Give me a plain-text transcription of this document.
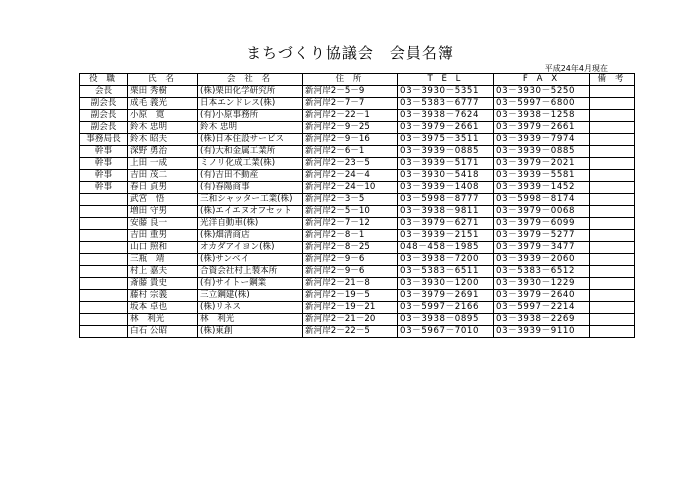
まちづくり協議会　会員名簿
平成24年4月現在
役 職	氏 名	会 社 名	住 所	T E L	F A X	備 考
会長	栗田 秀樹	(株)栗田化学研究所	新河岸2－5－9	03－3930－5351	03－3930－5250	
副会長	成毛 義光	日本エンドレス(株)	新河岸2－7－7	03－5383－6777	03－5997－6800	
副会長	小原　寛	(有)小原事務所	新河岸2－22－1	03－3938－7624	03－3938－1258	
副会長	鈴木 忠明	鈴木 忠明	新河岸2－9－25	03－3979－2661	03－3979－2661	
事務局長	鈴木 昭夫	(株)日本住設サービス	新河岸2－9－16	03－3975－3511	03－3939－7974	
幹事	深野 勇治	(有)大和金属工業所	新河岸2－6－1	03－3939－0885	03－3939－0885	
幹事	上田 一成	ミノリ化成工業(株)	新河岸2－23－5	03－3939－5171	03－3979－2021	
幹事	吉田 茂二	(有)吉田不動産	新河岸2－24－4	03－3930－5418	03－3939－5581	
幹事	春日 貞男	(有)春陽商事	新河岸2－24－10	03－3939－1408	03－3939－1452	
	武宮　悟	三和シャッター工業(株)	新河岸2－3－5	03－5998－8777	03－5998－8174	
	増田 守男	(株)エイエヌオフセット	新河岸2－5－10	03－3938－9811	03－3979－0068	
	安藤 良一	光洋自動車(株)	新河岸2－7－12	03－3979－6271	03－3979－6099	
	吉田 重男	(株)畑清商店	新河岸2－8－1	03－3939－2151	03－3979－5277	
	山口 照和	オカダアイヨン(株)	新河岸2－8－25	048－458－1985	03－3979－3477	
	三瓶　靖	(株)サンベイ	新河岸2－9－6	03－3938－7200	03－3939－2060	
	村上 嘉夫	合資会社村上製本所	新河岸2－9－6	03－5383－6511	03－5383－6512	
	斎藤 貴史	(有)サイトー鋼業	新河岸2－21－8	03－3930－1200	03－3930－1229	
	藤村 宗義	三立鋼建(株)	新河岸2－19－5	03－3979－2691	03－3979－2640	
	坂本 卓也	(株)リネス	新河岸2－19－21	03－5997－2166	03－5997－2214	
	林　利光	林　利光	新河岸2－21－20	03－3938－0895	03－3938－2269	
	白石 公昭	(株)東創	新河岸2－22－5	03－5967－7010	03－3939－9110	
